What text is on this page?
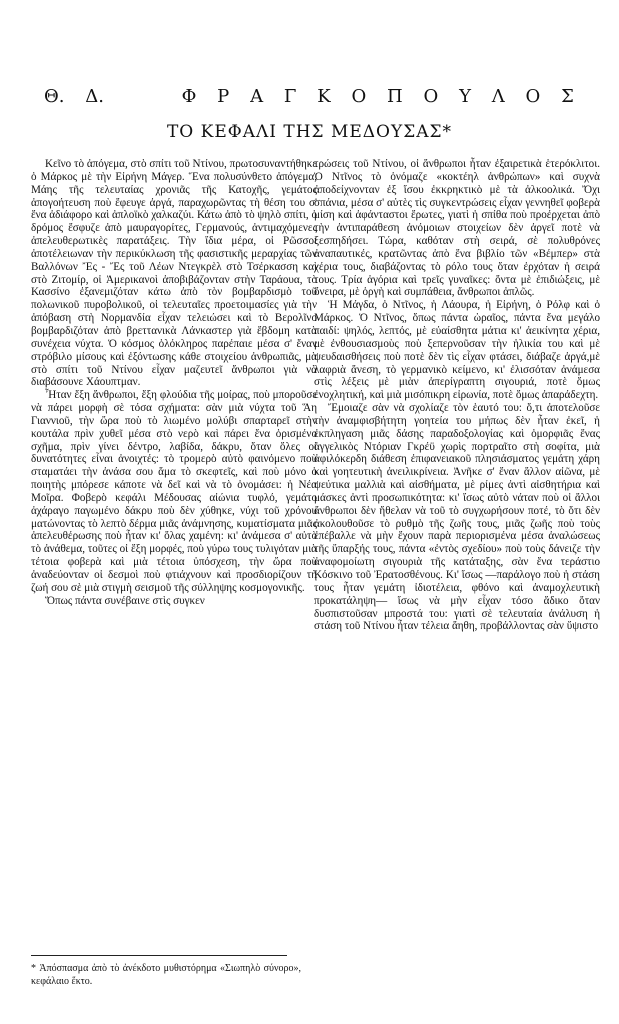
Θ. Δ.	Φ Ρ Α Γ Κ Ο Π Ο Υ Λ Ο Σ
ΤΟ ΚΕΦΑΛΙ ΤΗΣ ΜΕΔΟΥΣΑΣ*

Κεῖνο τὸ ἀπόγεμα, στὸ σπίτι τοῦ Ντίνου, πρωτοσυναντήθηκε ὁ Μάρκος μὲ τὴν Εἰρήνη Μάγερ. Ἕνα πολυσύνθετο ἀπόγεμα, Μάης τῆς τελευταίας χρονιᾶς τῆς Κατοχῆς, γεμάτος ἀπογοήτευση ποὺ ἔφευγε ἀργά, παραχωρῶντας τὴ θέση του σ' ἕνα ἀδιάφορο καὶ ἁπλοϊκὸ χαλκαζύι. Κάτω ἀπὸ τὸ ψηλὸ σπίτι, ὁ δρόμος ἔσφυζε ἀπὸ μαυραγορίτες, Γερμανούς, ἀντιμαχόμενες ἀπελευθερωτικὲς παρατάξεις. Τὴν ἴδια μέρα, οἱ Ρῶσσοι ἀποτέλειωναν τὴν περικύκλωση τῆς φασιστικῆς μεραρχίας τῶν Βαλλόνων Ἔς - Ἔς τοῦ Λέων Ντεγκρὲλ στὸ Τσέρκασση καὶ στὸ Ζιτομίρ, οἱ Ἀμερικανοὶ ἀποβιβάζονταν στὴν Ταράουα, τὸ Κασσίνο ἐξανεμιζόταν κάτω ἀπὸ τὸν βομβαρδισμὸ τοῦ πολωνικοῦ πυροβολικοῦ, οἱ τελευταῖες προετοιμασίες γιὰ τὴν ἀπόβαση στὴ Νορμανδία εἶχαν τελειώσει καὶ τὸ Βερολῖνο βομβαρδιζόταν ἀπὸ βρεττανικὰ Λάνκαστερ γιὰ ἔβδομη κατὰ συνέχεια νύχτα. Ὁ κόσμος ὁλόκληρος παρέπαιε μέσα σ' ἕναν στρόβιλο μίσους καὶ ἐξόντωσης κάθε στοιχείου ἀνθρωπιᾶς, μὰ στὸ σπίτι τοῦ Ντίνου εἶχαν μαζευτεῖ ἄνθρωποι γιὰ νὰ διαβάσουνε Χάουπτμαν.

Ἦταν ἕξη ἄνθρωποι, ἕξη φλούδια τῆς μοίρας, ποὺ μποροῦσε νὰ πάρει μορφὴ σὲ τόσα σχήματα: σὰν μιὰ νύχτα τοῦ Ἅη Γιαννιοῦ, τὴν ὥρα ποὺ τὸ λιωμένο μολύβι σπαρταρεῖ στὴν κουτάλα πρὶν χυθεῖ μέσα στὸ νερὸ καὶ πάρει ἕνα ὁρισμένο σχῆμα, πρὶν γίνει δέντρο, λαβίδα, δάκρυ, ὅταν ὅλες οἱ δυνατότητες εἶναι ἀνοιχτές: τὸ τρομερὸ αὐτὸ φαινόμενο ποὺ σταματάει τὴν ἀνάσα σου ἅμα τὸ σκεφτεῖς, καὶ ποὺ μόνο ὁ ποιητὴς μπόρεσε κάποτε νὰ δεῖ καὶ νὰ τὸ ὀνομάσει: ἡ Νέα Μοῖρα. Φοβερὸ κεφάλι Μέδουσας αἰώνια τυφλό, γεμάτο ἀχάραγο παγωμένο δάκρυ ποὺ δὲν χύθηκε, νύχι τοῦ χρόνου ματώνοντας τὸ λεπτὸ δέρμα μιᾶς ἀνάμνησης, κυματίσματα μιᾶς ἀπελευθέρωσης ποὺ ἦταν κι' ὅλας χαμένη: κι' ἀνάμεσα σ' αὐτὸ τὸ ἀνάθεμα, τοῦτες οἱ ἕξη μορφές, ποὺ γύρω τους τυλιγόταν μιὰ τέτοια φοβερὰ καὶ μιὰ τέτοια ὑπόσχεση, τὴν ὥρα ποὺ ἀναδεύονταν οἱ δεσμοὶ ποὺ φτιάχνουν καὶ προσδιορίζουν τὴ ζωή σου σὲ μιὰ στιγμὴ σεισμοῦ τῆς σύλληψης κοσμογονικῆς.

Ὅπως πάντα συνέβαινε στὶς συγκεν

* Ἀπόσπασμα ἀπὸ τὸ ἀνέκδοτο μυθιστόρημα «Σιωπηλὸ σύνορο», κεφάλαιο ἕκτο.

τρώσεις τοῦ Ντίνου, οἱ ἄνθρωποι ἦταν ἐξαιρετικὰ ἑτερόκλιτοι. Ὁ Ντῖνος τὸ ὀνόμαζε «κοκτέηλ ἀνθρώπων» καὶ συχνὰ ἀποδείχνονταν ἐξ ἴσου ἐκκρηκτικὸ μὲ τὰ ἀλκοολικά. Ὄχι σπάνια, μέσα σ' αὐτὲς τὶς συγκεντρώσεις εἶχαν γεννηθεῖ φοβερὰ μίση καὶ ἀφάνταστοι ἔρωτες, γιατὶ ἡ σπίθα ποὺ προέρχεται ἀπὸ τὴν ἀντιπαράθεση ἀνόμοιων στοιχείων δὲν ἀργεῖ ποτὲ νὰ ξεσπηδήσει. Τώρα, καθόταν στὴ σειρά, σὲ πολυθρόνες ἀναπαυτικές, κρατῶντας ἀπὸ ἕνα βιβλίο τῶν «Βέμπερ» στὰ χέρια τους, διαβάζοντας τὸ ρόλο τους ὅταν ἐρχόταν ἡ σειρά τους. Τρία ἀγόρια καὶ τρεῖς γυναῖκες: ὄντα μὲ ἐπιδιώξεις, μὲ ὄνειρα, μὲ ὀργὴ καὶ συμπάθεια, ἄνθρωποι ἁπλῶς.

Ἡ Μάγδα, ὁ Ντῖνος, ἡ Λάουρα, ἡ Εἰρήνη, ὁ Ρόλφ καὶ ὁ Μάρκος. Ὁ Ντῖνος, ὅπως πάντα ὡραῖος, πάντα ἕνα μεγάλο παιδί: ψηλός, λεπτός, μὲ εὐαίσθητα μάτια κι' ἀεικίνητα χέρια, μὲ ἐνθουσιασμοὺς ποὺ ξεπερνοῦσαν τὴν ἡλικία του καὶ μὲ ψευδαισθήσεις ποὺ ποτὲ δὲν τὶς εἶχαν φτάσει, διάβαζε ἀργά,μὲ λαφριὰ ἄνεση, τὸ γερμανικὸ κείμενο, κι' ἐλισσόταν ἀνάμεσα στὶς λέξεις μὲ μιὰν ἀπερίγραπτη σιγουριά, ποτὲ ὅμως ἐνοχλητική, καὶ μιὰ μισόπικρη εἰρωνία, ποτὲ ὅμως ἀπαράδεχτη.

Ἔμοιαζε σὰν νὰ σχολίαζε τὸν ἑαυτό του: ὅ,τι ἀποτελοῦσε τὴν ἀναμφισβήτητη γοητεία του μήπως δὲν ἦταν ἐκεῖ, ἡ ἐκπληγαση μιᾶς δάσης παραδοξολογίας καὶ ὁμορφιᾶς ἕνας ἀγγελικὸς Ντόριαν Γκρέϋ χωρὶς πορτραῖτο στὴ σοφίτα, μιὰ ἀφιλόκερδη διάθεση ἐπιφανειακοῦ πλησιάσματος γεμάτη χάρη καὶ γοητευτικὴ ἀνειλικρίνεια. Ἀνῆκε σ' ἕναν ἄλλον αἰῶνα, μὲ ψεύτικα μαλλιὰ καὶ αἰσθήματα, μὲ ρίμες ἀντὶ αἰσθητήρια καὶ μάσκες ἀντὶ προσωπικότητα: κι' ἴσως αὐτὸ νάταν ποὺ οἱ ἄλλοι ἄνθρωποι δὲν ἤθελαν νὰ τοῦ τὸ συγχωρήσουν ποτέ, τὸ ὅτι δὲν ἀκολουθοῦσε τὸ ρυθμὸ τῆς ζωῆς τους, μιᾶς ζωῆς ποὺ τοὺς ἐπέβαλλε νὰ μὴν ἔχουν παρὰ περιορισμένα μέσα ἀναλώσεως τῆς ὕπαρξής τους, πάντα «ἐντὸς σχεδίου» ποὺ τοὺς δάνειζε τὴν ἀναφομοίωτη σιγουριὰ τῆς κατάταξης, σὰν ἕνα τεράστιο Κόσκινο τοῦ Ἐρατοσθένους. Κι' ἴσως —παράλογο ποὺ ἡ στάση τους ἦταν γεμάτη ἰδιοτέλεια, φθόνο καὶ ἀναμοχλευτικὴ προκατάληψη— ἴσως νὰ μὴν εἶχαν τόσο ἄδικο ὅταν δυσπιστοῦσαν μπροστά του: γιατὶ σὲ τελευταία ἀνάλυση ἡ στάση τοῦ Ντίνου ἦταν τέλεια ἄηθη, προβάλλοντας σὰν ὕψιστο
